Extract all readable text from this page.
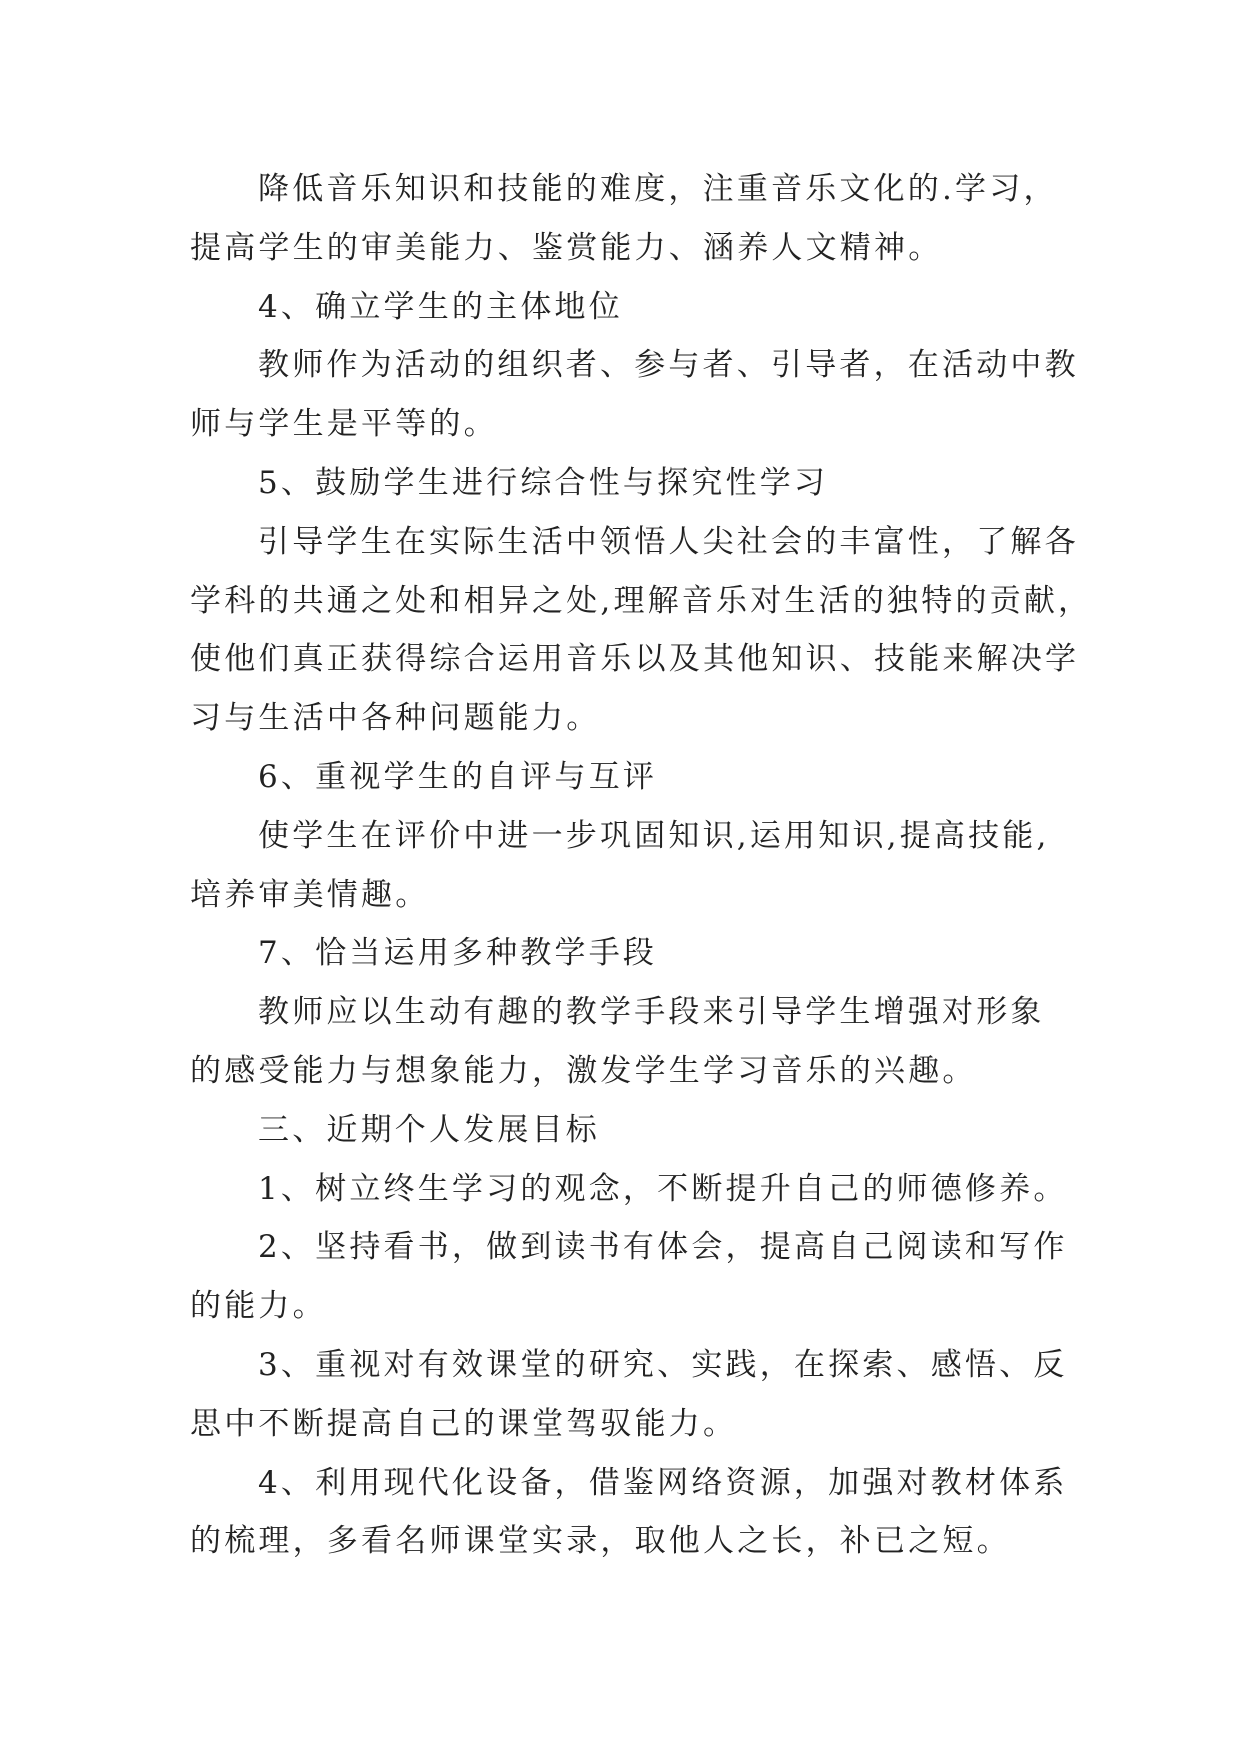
降低音乐知识和技能的难度，注重音乐文化的.学习，
提高学生的审美能力、鉴赏能力、涵养人文精神。

4、确立学生的主体地位

教师作为活动的组织者、参与者、引导者，在活动中教
师与学生是平等的。

5、鼓励学生进行综合性与探究性学习

引导学生在实际生活中领悟人尖社会的丰富性，了解各
学科的共通之处和相异之处,理解音乐对生活的独特的贡献，
使他们真正获得综合运用音乐以及其他知识、技能来解决学
习与生活中各种问题能力。

6、重视学生的自评与互评

使学生在评价中进一步巩固知识,运用知识,提高技能,
培养审美情趣。

7、恰当运用多种教学手段

教师应以生动有趣的教学手段来引导学生增强对形象
的感受能力与想象能力，激发学生学习音乐的兴趣。

三、近期个人发展目标

1、树立终生学习的观念，不断提升自己的师德修养。

2、坚持看书，做到读书有体会，提高自己阅读和写作
的能力。

3、重视对有效课堂的研究、实践，在探索、感悟、反
思中不断提高自己的课堂驾驭能力。

4、利用现代化设备，借鉴网络资源，加强对教材体系
的梳理，多看名师课堂实录，取他人之长，补已之短。
